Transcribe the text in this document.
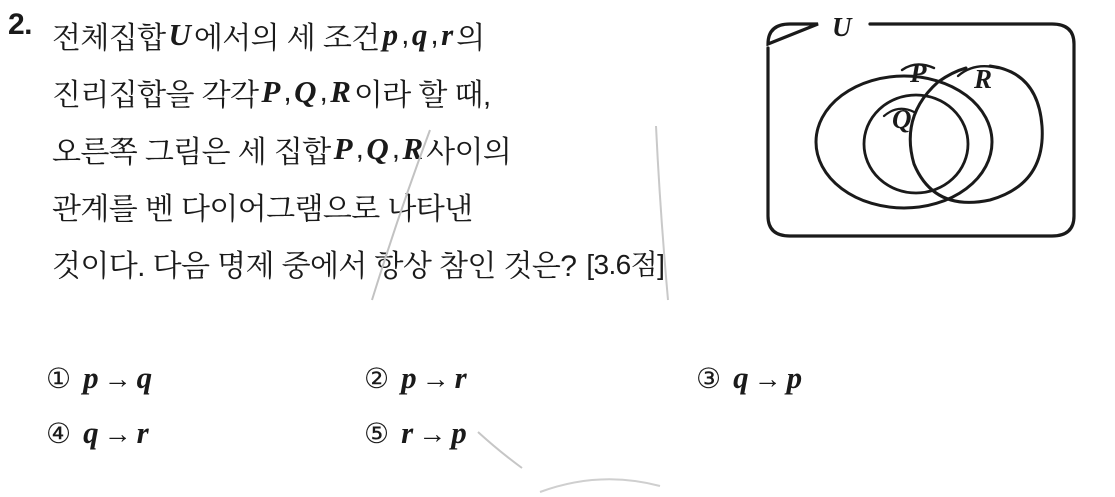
2. 전체집합 U 에서의 세 조건 p , q , r 의
진리집합을 각각 P , Q , R 이라 할 때,
오른쪽 그림은 세 집합 P , Q , R 사이의
관계를 벤 다이어그램으로 나타낸
것이다. 다음 명제 중에서 항상 참인 것은? [3.6점]
U
P
Q
R
① p → q	② p → r	③ q → p
④ q → r	⑤ r → p
